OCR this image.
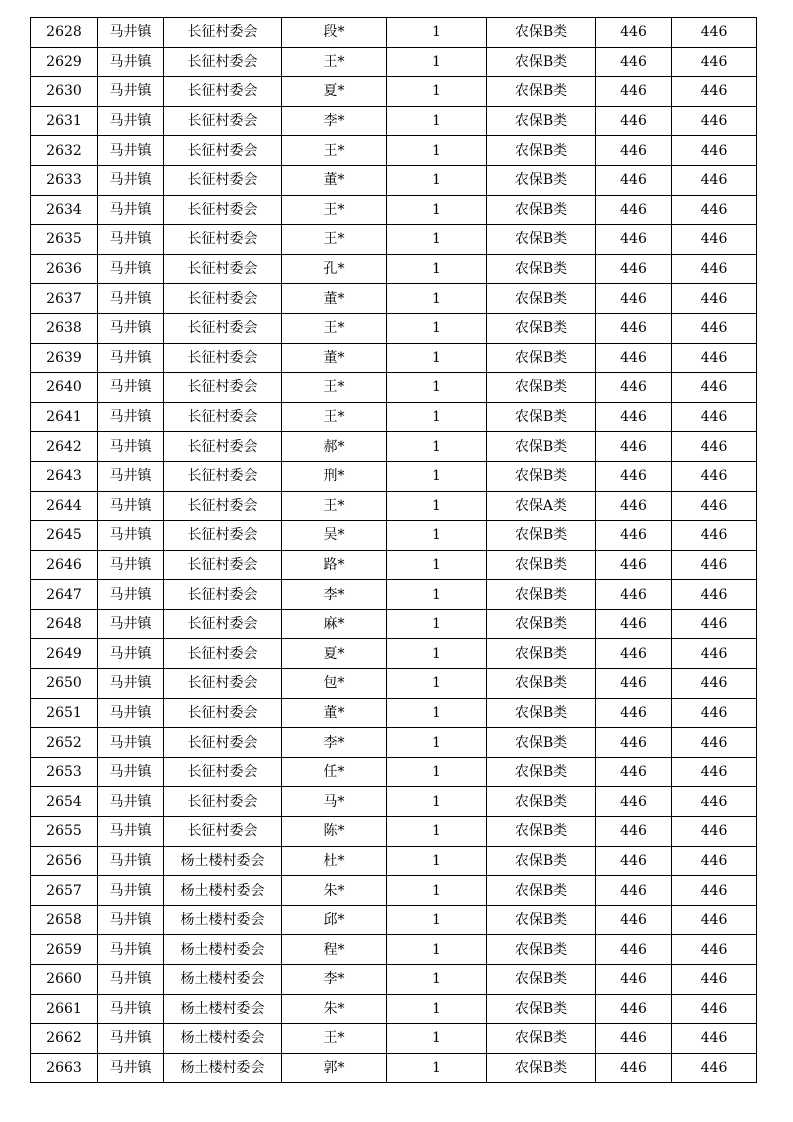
2628	马井镇	长征村委会	段*	1	农保B类	446	446
2629	马井镇	长征村委会	王*	1	农保B类	446	446
2630	马井镇	长征村委会	夏*	1	农保B类	446	446
2631	马井镇	长征村委会	李*	1	农保B类	446	446
2632	马井镇	长征村委会	王*	1	农保B类	446	446
2633	马井镇	长征村委会	董*	1	农保B类	446	446
2634	马井镇	长征村委会	王*	1	农保B类	446	446
2635	马井镇	长征村委会	王*	1	农保B类	446	446
2636	马井镇	长征村委会	孔*	1	农保B类	446	446
2637	马井镇	长征村委会	董*	1	农保B类	446	446
2638	马井镇	长征村委会	王*	1	农保B类	446	446
2639	马井镇	长征村委会	董*	1	农保B类	446	446
2640	马井镇	长征村委会	王*	1	农保B类	446	446
2641	马井镇	长征村委会	王*	1	农保B类	446	446
2642	马井镇	长征村委会	郝*	1	农保B类	446	446
2643	马井镇	长征村委会	刑*	1	农保B类	446	446
2644	马井镇	长征村委会	王*	1	农保A类	446	446
2645	马井镇	长征村委会	吴*	1	农保B类	446	446
2646	马井镇	长征村委会	路*	1	农保B类	446	446
2647	马井镇	长征村委会	李*	1	农保B类	446	446
2648	马井镇	长征村委会	麻*	1	农保B类	446	446
2649	马井镇	长征村委会	夏*	1	农保B类	446	446
2650	马井镇	长征村委会	包*	1	农保B类	446	446
2651	马井镇	长征村委会	董*	1	农保B类	446	446
2652	马井镇	长征村委会	李*	1	农保B类	446	446
2653	马井镇	长征村委会	任*	1	农保B类	446	446
2654	马井镇	长征村委会	马*	1	农保B类	446	446
2655	马井镇	长征村委会	陈*	1	农保B类	446	446
2656	马井镇	杨土楼村委会	杜*	1	农保B类	446	446
2657	马井镇	杨土楼村委会	朱*	1	农保B类	446	446
2658	马井镇	杨土楼村委会	邱*	1	农保B类	446	446
2659	马井镇	杨土楼村委会	程*	1	农保B类	446	446
2660	马井镇	杨土楼村委会	李*	1	农保B类	446	446
2661	马井镇	杨土楼村委会	朱*	1	农保B类	446	446
2662	马井镇	杨土楼村委会	王*	1	农保B类	446	446
2663	马井镇	杨土楼村委会	郭*	1	农保B类	446	446
